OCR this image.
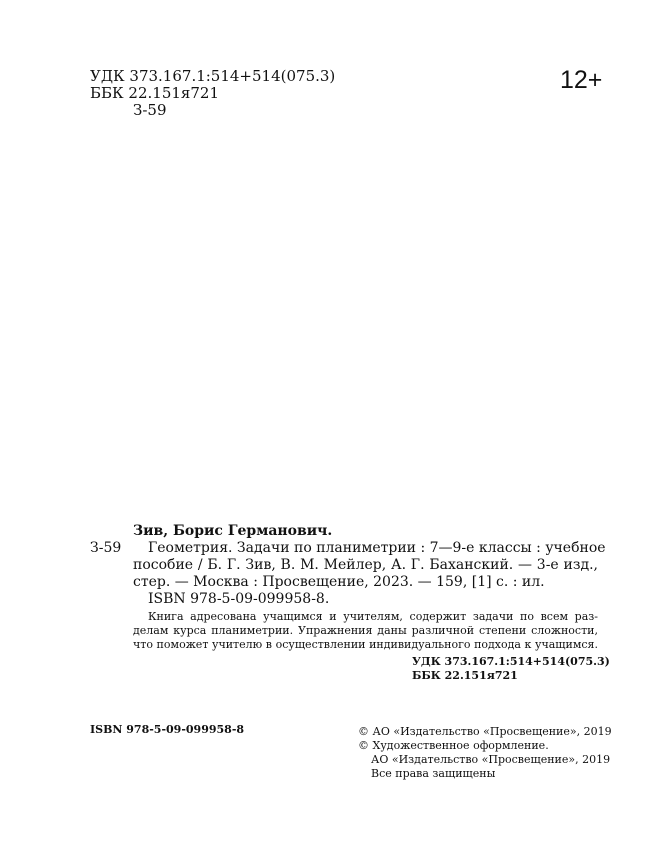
УДК 373.167.1:514+514(075.3)
ББК 22.151я721
З-59
12+
Зив, Борис Германович.
З-59 Геометрия. Задачи по планиметрии : 7—9-е классы : учебное
пособие / Б. Г. Зив, В. М. Мейлер, А. Г. Баханский. — 3-е изд.,
стер. — Москва : Просвещение, 2023. — 159, [1] с. : ил.
ISBN 978-5-09-099958-8.
Книга адресована учащимся и учителям, содержит задачи по всем раз-
делам курса планиметрии. Упражнения даны различной степени сложности,
что поможет учителю в осуществлении индивидуального подхода к учащимся.
УДК 373.167.1:514+514(075.3)
ББК 22.151я721
ISBN 978-5-09-099958-8	© АО «Издательство «Просвещение», 2019
© Художественное оформление.
АО «Издательство «Просвещение», 2019
Все права защищены
